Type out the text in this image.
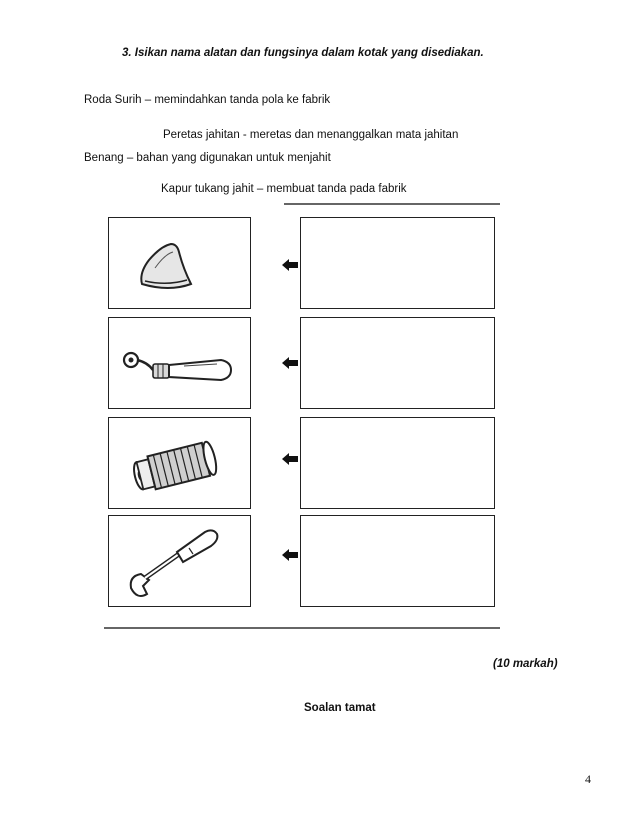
3. Isikan nama alatan dan fungsinya dalam kotak yang disediakan.
Roda Surih – memindahkan tanda pola ke fabrik
Peretas jahitan - meretas dan menanggalkan mata jahitan
Benang – bahan yang digunakan untuk menjahit
Kapur tukang jahit – membuat tanda pada fabrik
(10 markah)
Soalan tamat
4
